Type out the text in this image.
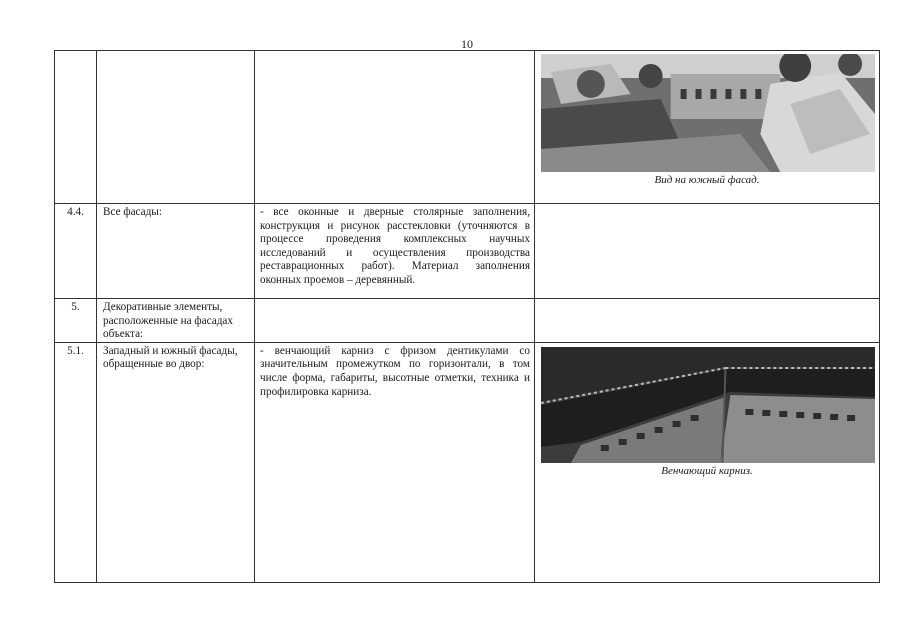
10

			Вид на южный фасад.

4.4.	Все фасады:	- все оконные и дверные столярные заполнения, конструкция и рисунок расстекловки (уточняются в процессе проведения комплексных научных исследований и осуществления производства реставрационных работ). Материал заполнения оконных проемов – деревянный.	

5.	Декоративные элементы, расположенные на фасадах объекта:		

5.1.	Западный и южный фасады, обращенные во двор:	- венчающий карниз с фризом дентикулами со значительным промежутком по горизонтали, в том числе форма, габариты, высотные отметки, техника и профилировка карниза.	Венчающий карниз.
